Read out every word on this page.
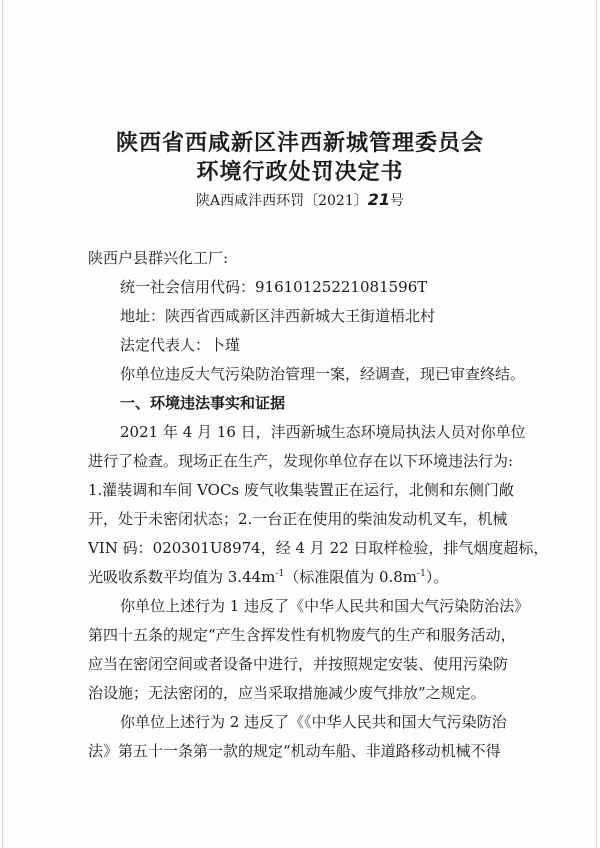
陕西省西咸新区沣西新城管理委员会
环境行政处罚决定书
陕A西咸沣西环罚〔2021〕21号
陕西户县群兴化工厂:
统一社会信用代码：91610125221081596T
地址：陕西省西咸新区沣西新城大王街道梧北村
法定代表人：卜瑾
你单位违反大气污染防治管理一案，经调查，现已审查终结。
一、环境违法事实和证据
2021 年 4 月 16 日，沣西新城生态环境局执法人员对你单位
进行了检查。现场正在生产，发现你单位存在以下环境违法行为:
1.灌装调和车间 VOCs 废气收集装置正在运行，北侧和东侧门敞
开，处于未密闭状态；2.一台正在使用的柴油发动机叉车，机械
VIN 码：020301U8974，经 4 月 22 日取样检验，排气烟度超标，
光吸收系数平均值为 $3.44m^{-1}$（标准限值为 $0.8m^{-1}$）。
你单位上述行为 1 违反了《中华人民共和国大气污染防治法》
第四十五条的规定“产生含挥发性有机物废气的生产和服务活动，
应当在密闭空间或者设备中进行，并按照规定安装、使用污染防
治设施；无法密闭的，应当采取措施减少废气排放”之规定。
你单位上述行为 2 违反了《《中华人民共和国大气污染防治
法》第五十一条第一款的规定“机动车船、非道路移动机械不得
